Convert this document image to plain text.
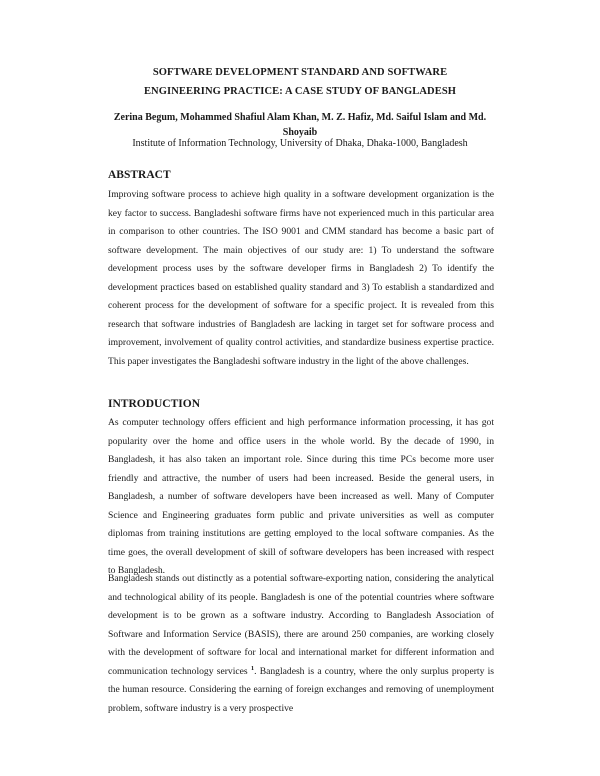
SOFTWARE DEVELOPMENT STANDARD AND SOFTWARE
ENGINEERING PRACTICE: A CASE STUDY OF BANGLADESH
Zerina Begum, Mohammed Shafiul Alam Khan, M. Z. Hafiz, Md. Saiful Islam and Md. Shoyaib
Institute of Information Technology, University of Dhaka, Dhaka-1000, Bangladesh
ABSTRACT

Improving software process to achieve high quality in a software development organization is the key factor to success. Bangladeshi software firms have not experienced much in this particular area in comparison to other countries. The ISO 9001 and CMM standard has become a basic part of software development. The main objectives of our study are: 1) To understand the software development process uses by the software developer firms in Bangladesh 2) To identify the development practices based on established quality standard and 3) To establish a standardized and coherent process for the development of software for a specific project. It is revealed from this research that software industries of Bangladesh are lacking in target set for software process and improvement, involvement of quality control activities, and standardize business expertise practice. This paper investigates the Bangladeshi software industry in the light of the above challenges.

INTRODUCTION

As computer technology offers efficient and high performance information processing, it has got popularity over the home and office users in the whole world. By the decade of 1990, in Bangladesh, it has also taken an important role. Since during this time PCs become more user friendly and attractive, the number of users had been increased. Beside the general users, in Bangladesh, a number of software developers have been increased as well. Many of Computer Science and Engineering graduates form public and private universities as well as computer diplomas from training institutions are getting employed to the local software companies. As the time goes, the overall development of skill of software developers has been increased with respect to Bangladesh.

Bangladesh stands out distinctly as a potential software-exporting nation, considering the analytical and technological ability of its people. Bangladesh is one of the potential countries where software development is to be grown as a software industry. According to Bangladesh Association of Software and Information Service (BASIS), there are around 250 companies, are working closely with the development of software for local and international market for different information and communication technology services $^1$. Bangladesh is a country, where the only surplus property is the human resource. Considering the earning of foreign exchanges and removing of unemployment problem, software industry is a very prospective
